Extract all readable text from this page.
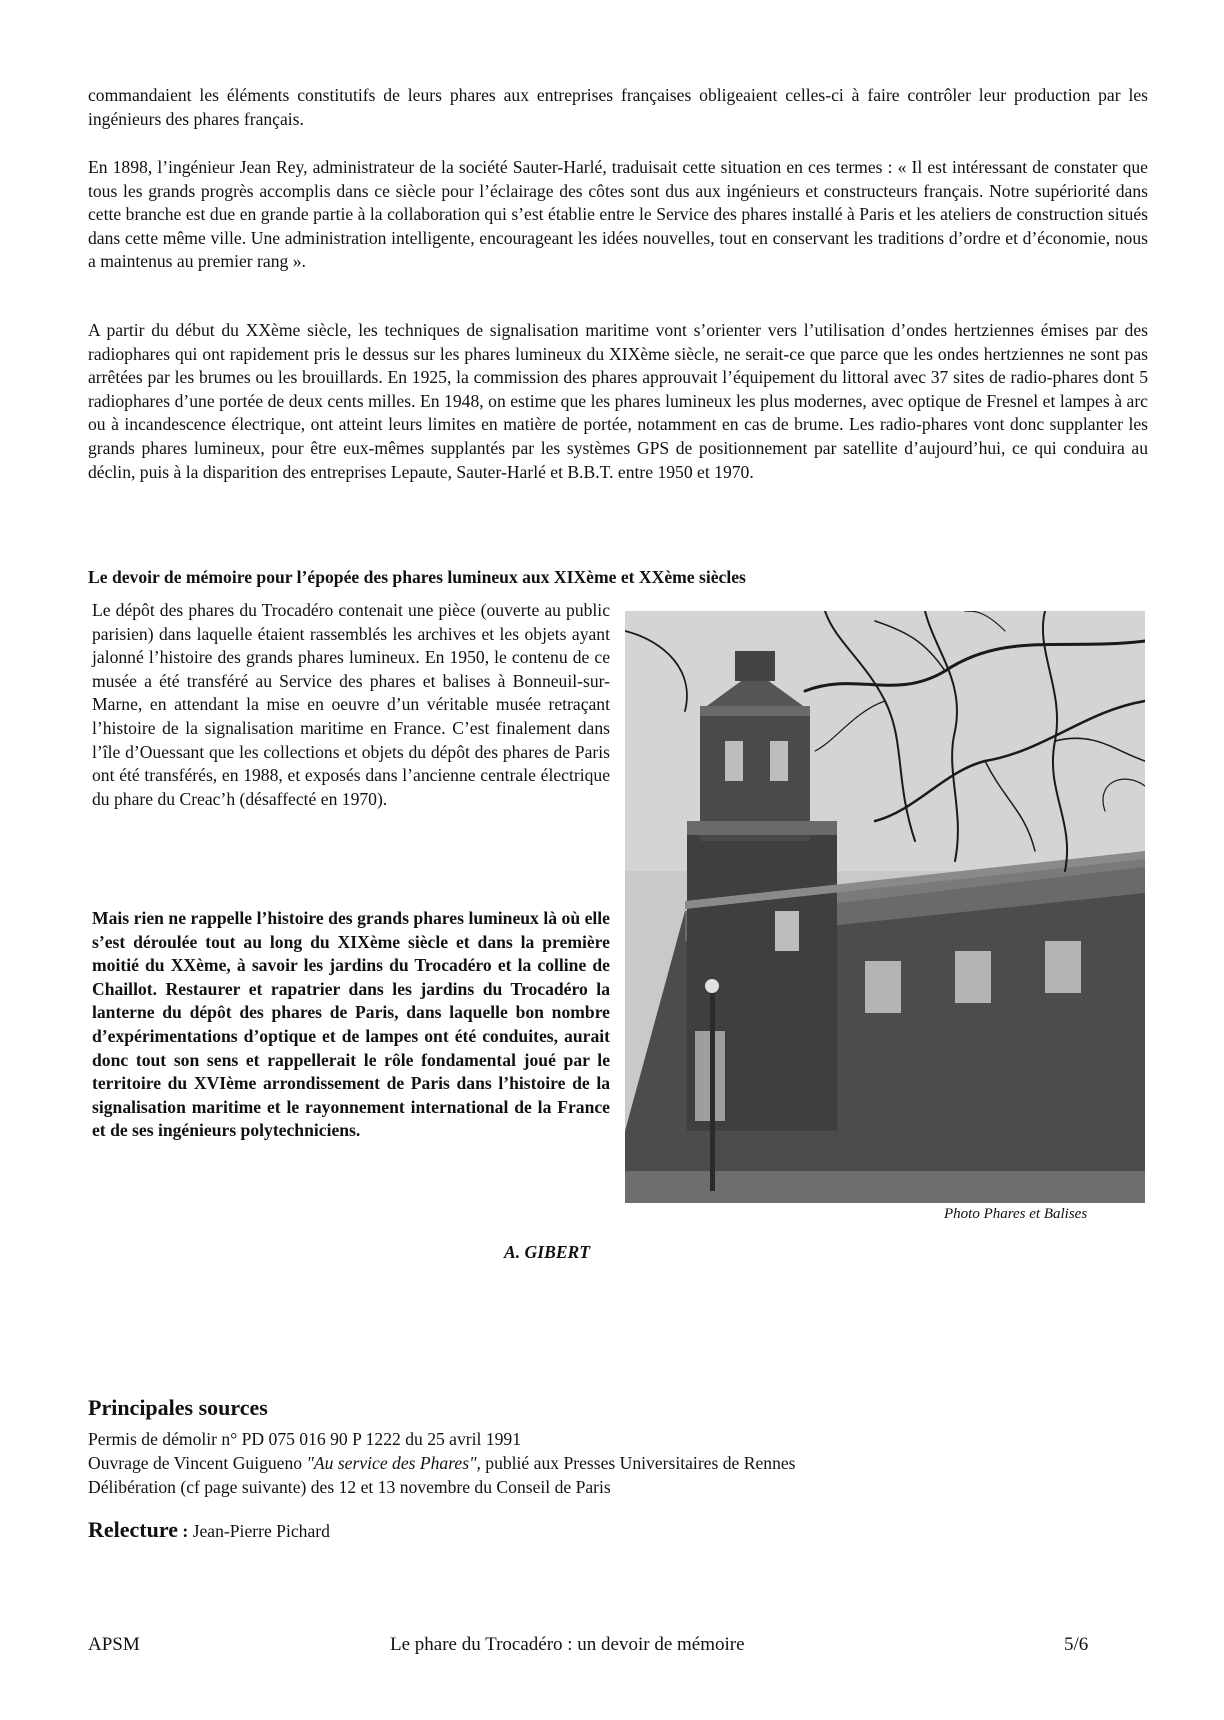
commandaient les éléments constitutifs de leurs phares aux entreprises françaises obligeaient celles-ci à faire contrôler leur production par les ingénieurs des phares français.

En 1898, l’ingénieur Jean Rey, administrateur de la société Sauter-Harlé, traduisait cette situation en ces termes : « Il est intéressant de constater que tous les grands progrès accomplis dans ce siècle pour l’éclairage des côtes sont dus aux ingénieurs et constructeurs français. Notre supériorité dans cette branche est due en grande partie à la collaboration qui s’est établie entre le Service des phares installé à Paris et les ateliers de construction situés dans cette même ville. Une administration intelligente, encourageant les idées nouvelles, tout en conservant les traditions d’ordre et d’économie, nous a maintenus au premier rang ».

A partir du début du XXème siècle, les techniques de signalisation maritime vont s’orienter vers l’utilisation d’ondes hertziennes émises par des radiophares qui ont rapidement pris le dessus sur les phares lumineux du XIXème siècle, ne serait-ce que parce que les ondes hertziennes ne sont pas arrêtées par les brumes ou les brouillards. En 1925, la commission des phares approuvait l’équipement du littoral avec 37 sites de radio-phares dont 5 radiophares d’une portée de deux cents milles. En 1948, on estime que les phares lumineux les plus modernes, avec optique de Fresnel et lampes à arc ou à incandescence électrique, ont atteint leurs limites en matière de portée, notamment en cas de brume. Les radio-phares vont donc supplanter les grands phares lumineux, pour être eux-mêmes supplantés par les systèmes GPS de positionnement par satellite d’aujourd’hui, ce qui conduira au déclin, puis à la disparition des entreprises Lepaute, Sauter-Harlé et B.B.T. entre 1950 et 1970.

Le devoir de mémoire pour l’épopée des phares lumineux aux XIXème et XXème siècles

Le dépôt des phares du Trocadéro contenait une pièce (ouverte au public parisien) dans laquelle étaient rassemblés les archives et les objets ayant jalonné l’histoire des grands phares lumineux. En 1950, le contenu de ce musée a été transféré au Service des phares et balises à Bonneuil-sur-Marne, en attendant la mise en oeuvre d’un véritable musée retraçant l’histoire de la signalisation maritime en France. C’est finalement dans l’île d’Ouessant que les collections et objets du dépôt des phares de Paris ont été transférés, en 1988, et exposés dans l’ancienne centrale électrique du phare du Creac’h (désaffecté en 1970).

Mais rien ne rappelle l’histoire des grands phares lumineux là où elle s’est déroulée tout au long du XIXème siècle et dans la première moitié du XXème, à savoir les jardins du Trocadéro et la colline de Chaillot. Restaurer et rapatrier dans les jardins du Trocadéro la lanterne du dépôt des phares de Paris, dans laquelle bon nombre d’expérimentations d’optique et de lampes ont été conduites, aurait donc tout son sens et rappellerait le rôle fondamental joué par le territoire du XVIème arrondissement de Paris dans l’histoire de la signalisation maritime et le rayonnement international de la France et de ses ingénieurs polytechniciens.

A. GIBERT

Photo Phares et Balises

Principales sources
Permis de démolir n° PD 075 016 90 P 1222 du 25 avril 1991
Ouvrage de Vincent Guigueno "Au service des Phares", publié aux Presses Universitaires de Rennes
Délibération (cf page suivante) des 12 et 13 novembre du Conseil de Paris

Relecture : Jean-Pierre Pichard

APSM	Le phare du Trocadéro : un devoir de mémoire	5/6
